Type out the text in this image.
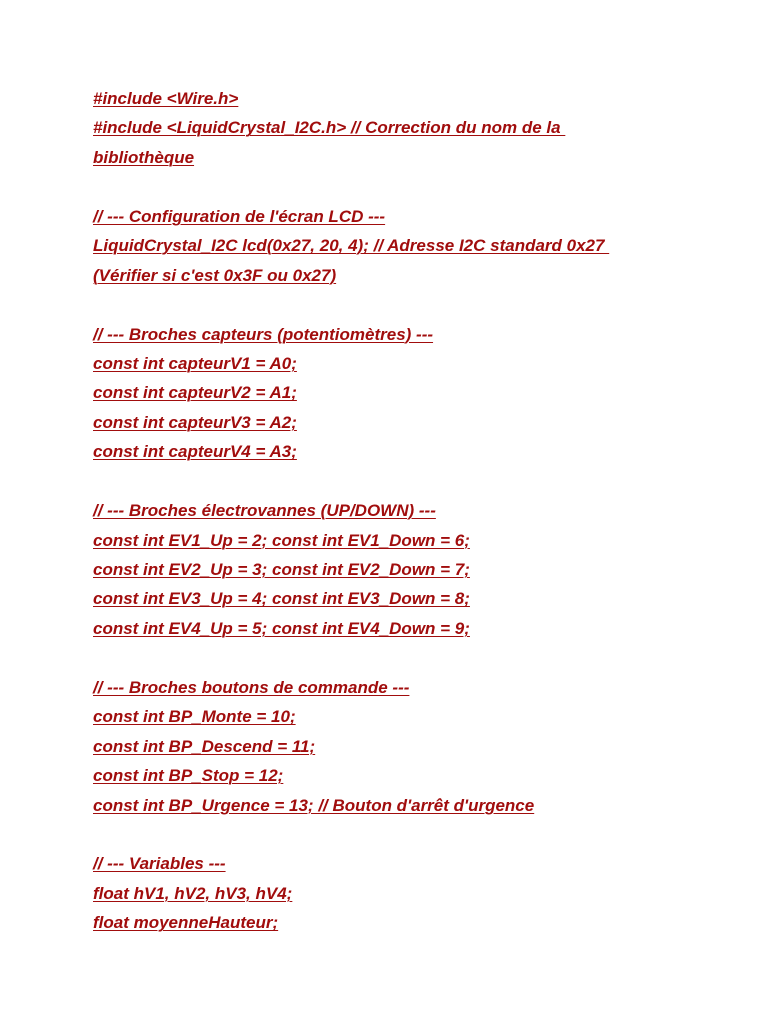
#include <Wire.h>
#include <LiquidCrystal_I2C.h> // Correction du nom de la
bibliothèque
// --- Configuration de l'écran LCD ---
LiquidCrystal_I2C lcd(0x27, 20, 4); // Adresse I2C standard 0x27
(Vérifier si c'est 0x3F ou 0x27)
// --- Broches capteurs (potentiomètres) ---
const int capteurV1 = A0;
const int capteurV2 = A1;
const int capteurV3 = A2;
const int capteurV4 = A3;
// --- Broches électrovannes (UP/DOWN) ---
const int EV1_Up = 2; const int EV1_Down = 6;
const int EV2_Up = 3; const int EV2_Down = 7;
const int EV3_Up = 4; const int EV3_Down = 8;
const int EV4_Up = 5; const int EV4_Down = 9;
// --- Broches boutons de commande ---
const int BP_Monte = 10;
const int BP_Descend = 11;
const int BP_Stop = 12;
const int BP_Urgence = 13; // Bouton d'arrêt d'urgence
// --- Variables ---
float hV1, hV2, hV3, hV4;
float moyenneHauteur;
